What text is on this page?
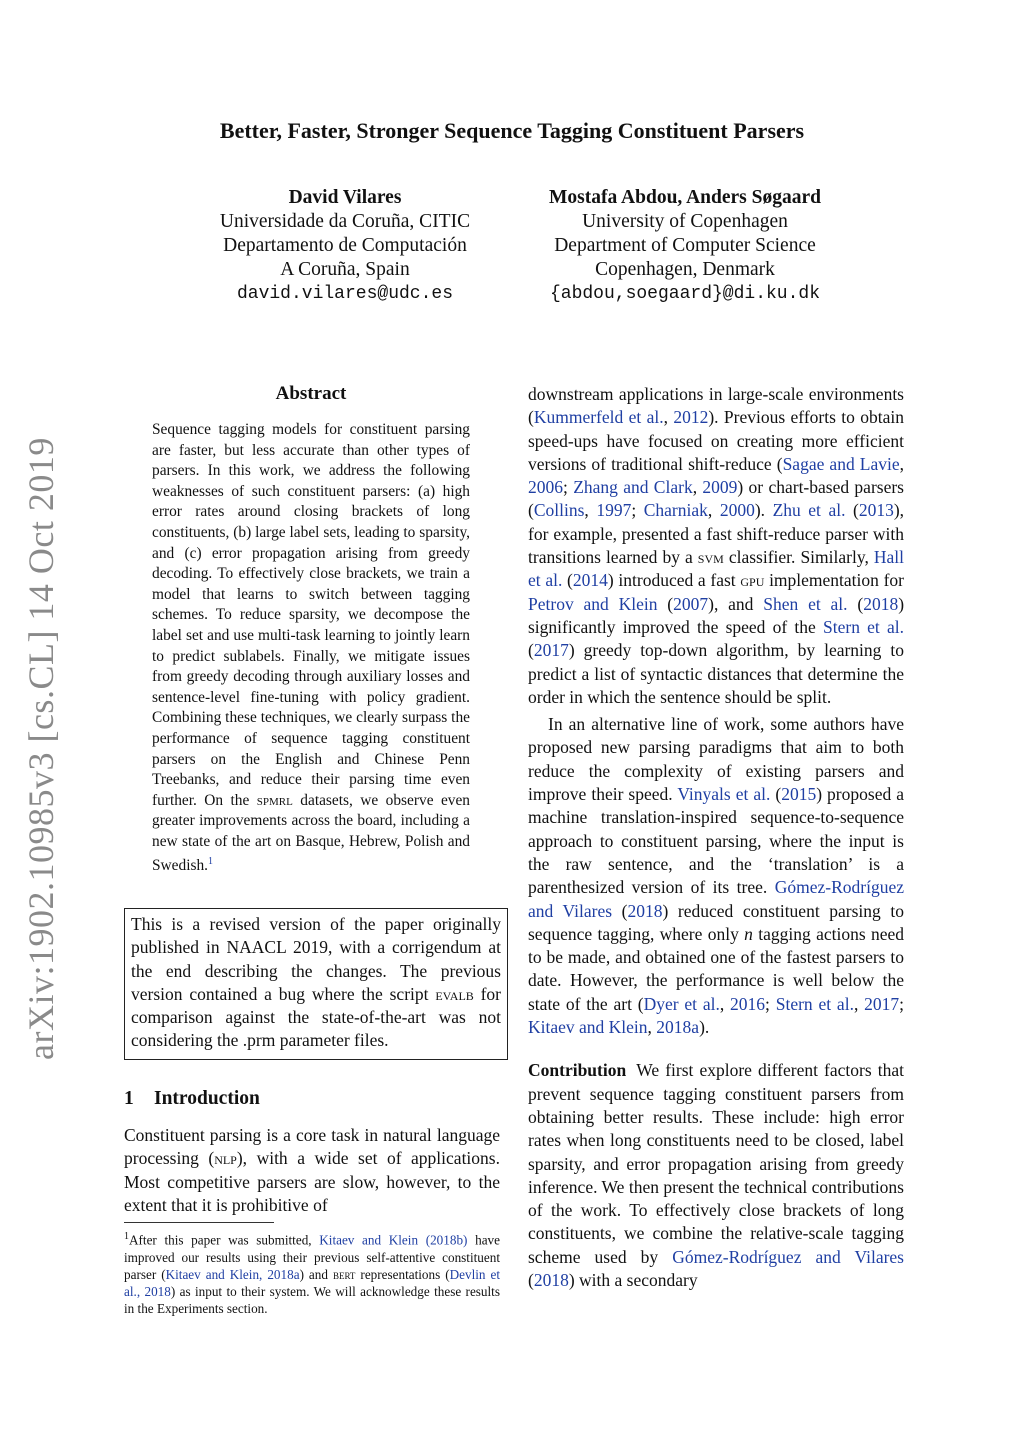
arXiv:1902.10985v3 [cs.CL] 14 Oct 2019
Better, Faster, Stronger Sequence Tagging Constituent Parsers
David Vilares
Universidade da Coruña, CITIC
Departamento de Computación
A Coruña, Spain
david.vilares@udc.es
Mostafa Abdou, Anders Søgaard
University of Copenhagen
Department of Computer Science
Copenhagen, Denmark
{abdou,soegaard}@di.ku.dk
Abstract
Sequence tagging models for constituent parsing are faster, but less accurate than other types of parsers. In this work, we address the following weaknesses of such constituent parsers: (a) high error rates around closing brackets of long constituents, (b) large label sets, leading to sparsity, and (c) error propagation arising from greedy decoding. To effectively close brackets, we train a model that learns to switch between tagging schemes. To reduce sparsity, we decompose the label set and use multi-task learning to jointly learn to predict sublabels. Finally, we mitigate issues from greedy decoding through auxiliary losses and sentence-level fine-tuning with policy gradient. Combining these techniques, we clearly surpass the performance of sequence tagging constituent parsers on the English and Chinese Penn Treebanks, and reduce their parsing time even further. On the spmrl datasets, we observe even greater improvements across the board, including a new state of the art on Basque, Hebrew, Polish and Swedish.$^1$
This is a revised version of the paper originally published in NAACL 2019, with a corrigendum at the end describing the changes. The previous version contained a bug where the script evalb for comparison against the state-of-the-art was not considering the .prm parameter files.
1 Introduction
Constituent parsing is a core task in natural language processing (nlp), with a wide set of applications. Most competitive parsers are slow, however, to the extent that it is prohibitive of
$^1$After this paper was submitted, Kitaev and Klein (2018b) have improved our results using their previous self-attentive constituent parser (Kitaev and Klein, 2018a) and bert representations (Devlin et al., 2018) as input to their system. We will acknowledge these results in the Experiments section.

downstream applications in large-scale environments (Kummerfeld et al., 2012). Previous efforts to obtain speed-ups have focused on creating more efficient versions of traditional shift-reduce (Sagae and Lavie, 2006; Zhang and Clark, 2009) or chart-based parsers (Collins, 1997; Charniak, 2000). Zhu et al. (2013), for example, presented a fast shift-reduce parser with transitions learned by a svm classifier. Similarly, Hall et al. (2014) introduced a fast gpu implementation for Petrov and Klein (2007), and Shen et al. (2018) significantly improved the speed of the Stern et al. (2017) greedy top-down algorithm, by learning to predict a list of syntactic distances that determine the order in which the sentence should be split.

In an alternative line of work, some authors have proposed new parsing paradigms that aim to both reduce the complexity of existing parsers and improve their speed. Vinyals et al. (2015) proposed a machine translation-inspired sequence-to-sequence approach to constituent parsing, where the input is the raw sentence, and the ‘translation’ is a parenthesized version of its tree. Gómez-Rodríguez and Vilares (2018) reduced constituent parsing to sequence tagging, where only n tagging actions need to be made, and obtained one of the fastest parsers to date. However, the performance is well below the state of the art (Dyer et al., 2016; Stern et al., 2017; Kitaev and Klein, 2018a).

Contribution We first explore different factors that prevent sequence tagging constituent parsers from obtaining better results. These include: high error rates when long constituents need to be closed, label sparsity, and error propagation arising from greedy inference. We then present the technical contributions of the work. To effectively close brackets of long constituents, we combine the relative-scale tagging scheme used by Gómez-Rodríguez and Vilares (2018) with a secondary
